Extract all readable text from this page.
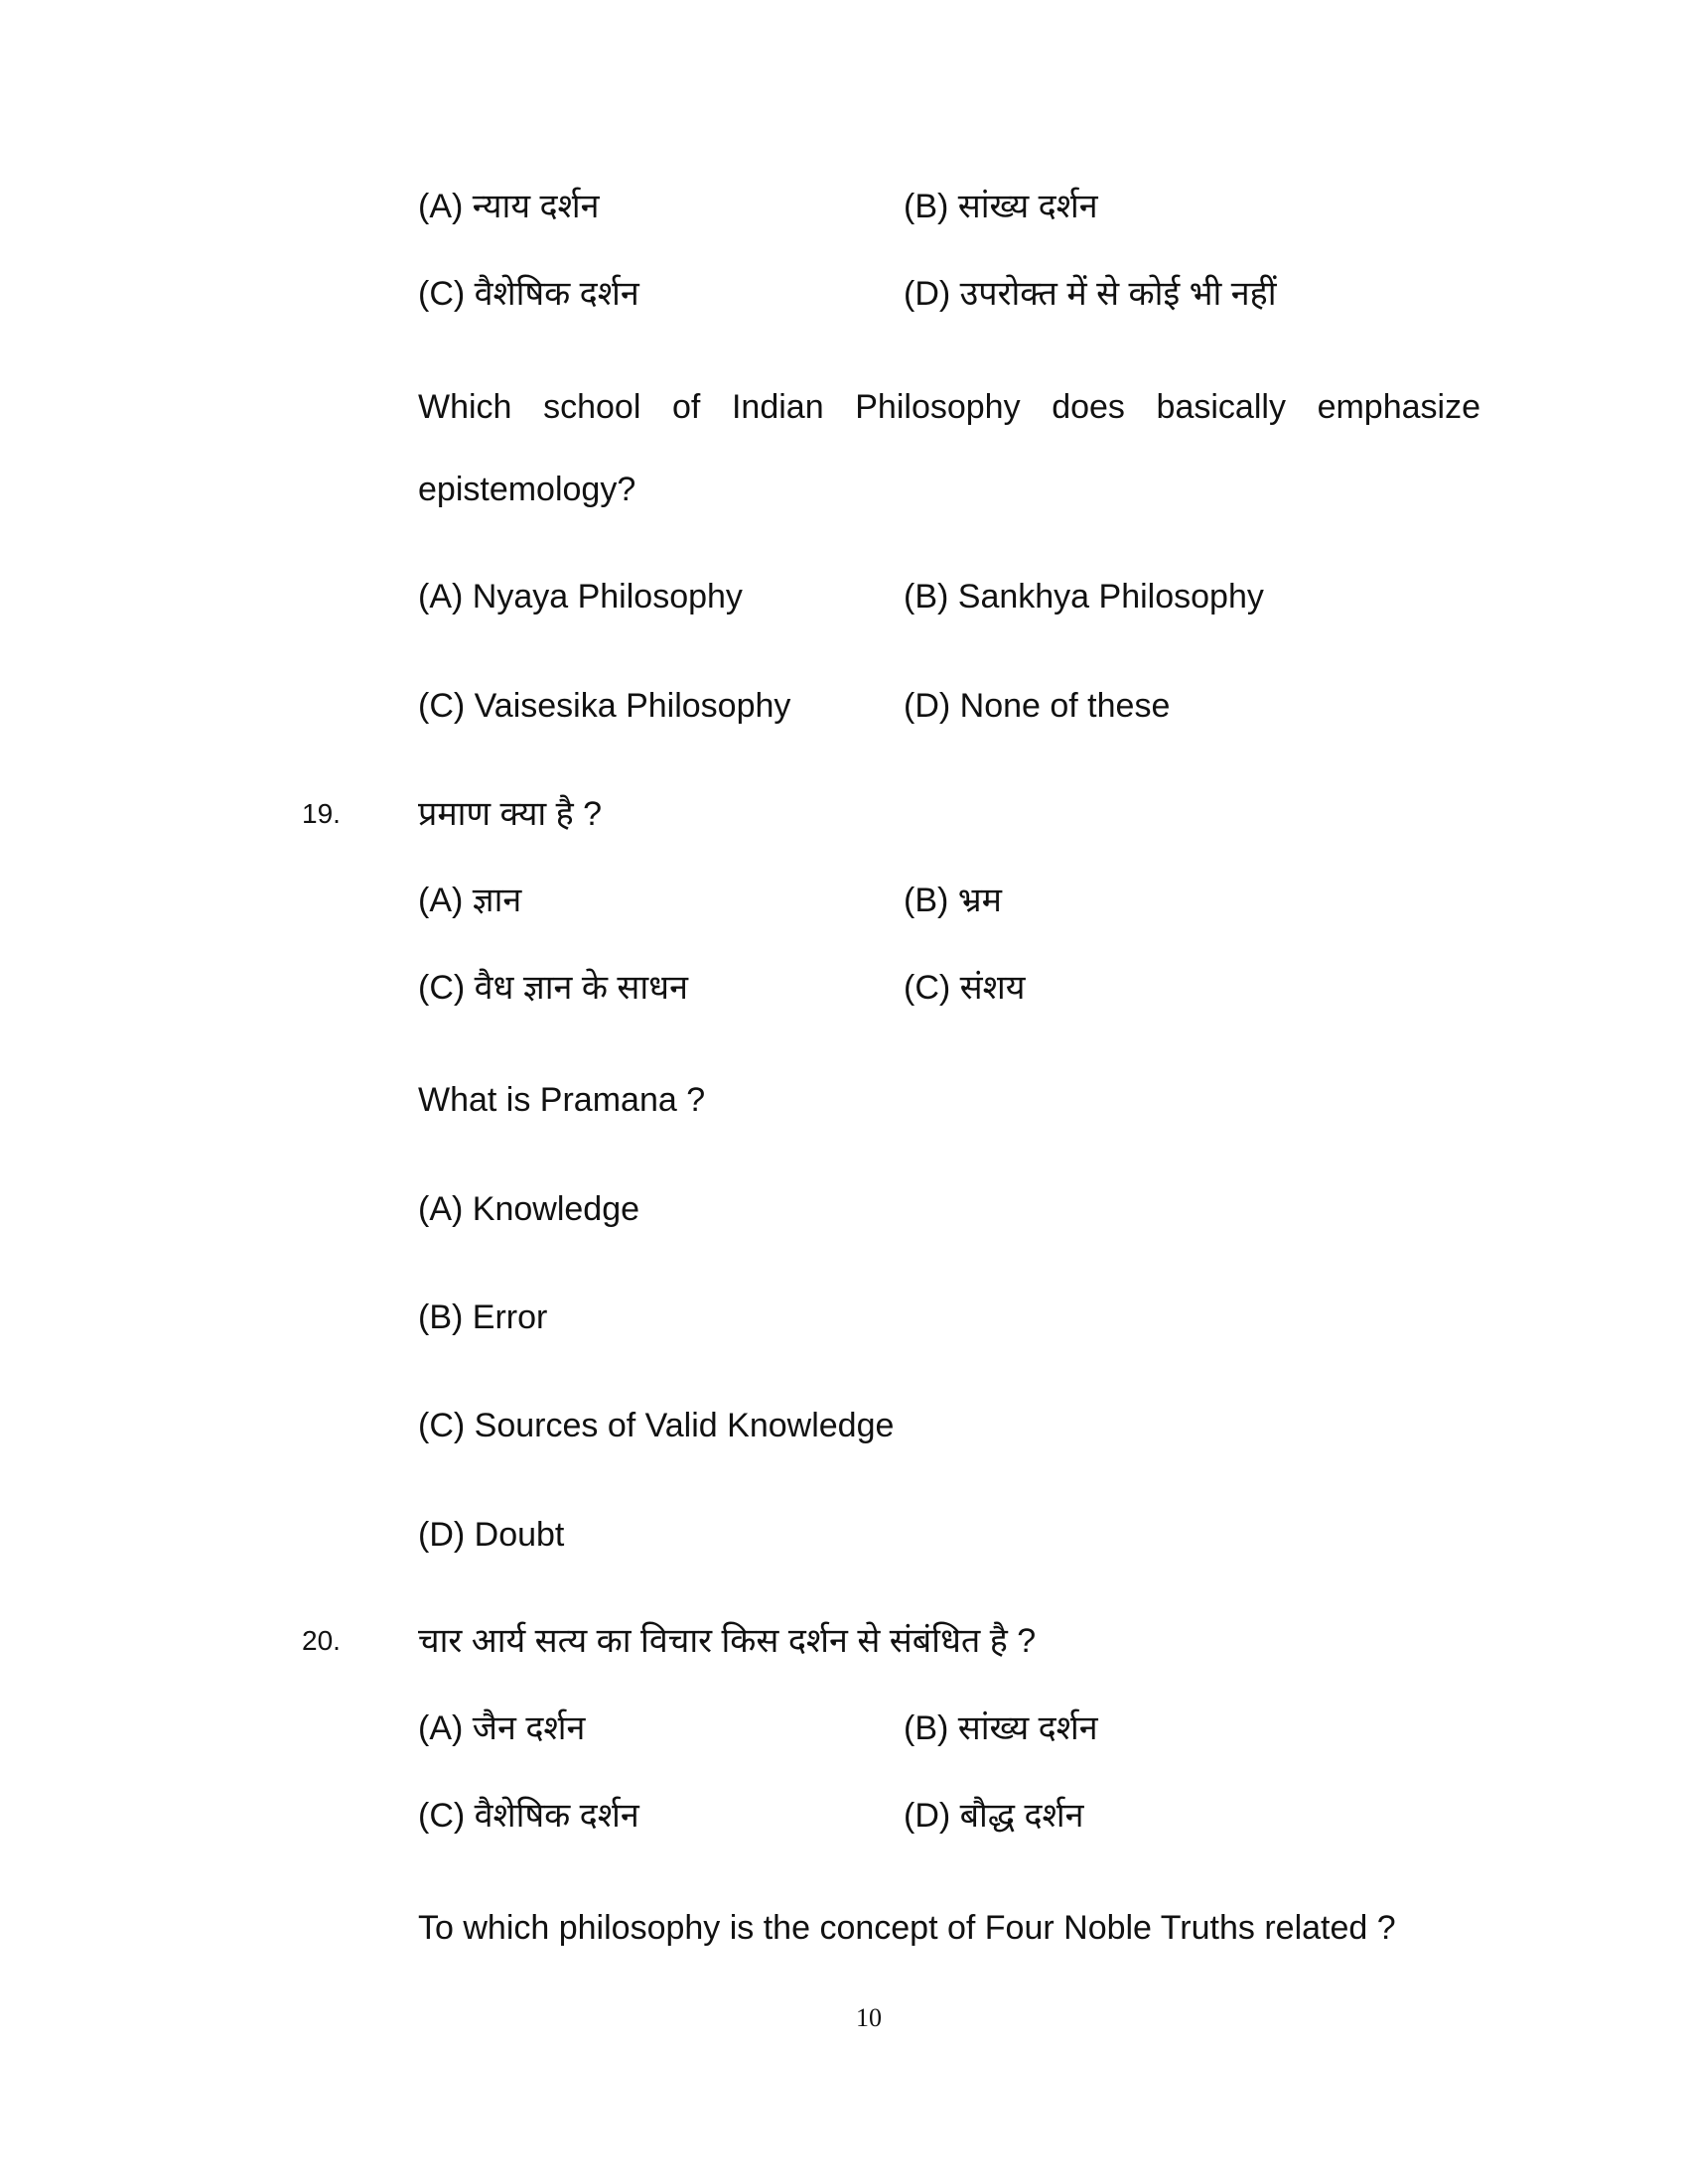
(A) न्याय दर्शन	(B) सांख्य दर्शन
(C) वैशेषिक दर्शन	(D) उपरोक्त में से कोई भी नहीं
Which school of Indian Philosophy does basically emphasize
epistemology?
(A) Nyaya Philosophy	(B) Sankhya Philosophy
(C) Vaisesika Philosophy	(D) None of these
19. प्रमाण क्या है ?
(A) ज्ञान	(B) भ्रम
(C) वैध ज्ञान के साधन	(C) संशय
What is Pramana ?
(A) Knowledge
(B) Error
(C) Sources of Valid Knowledge
(D) Doubt
20. चार आर्य सत्य का विचार किस दर्शन से संबंधित है ?
(A) जैन दर्शन	(B) सांख्य दर्शन
(C) वैशेषिक दर्शन	(D) बौद्ध दर्शन
To which philosophy is the concept of Four Noble Truths related ?
10
